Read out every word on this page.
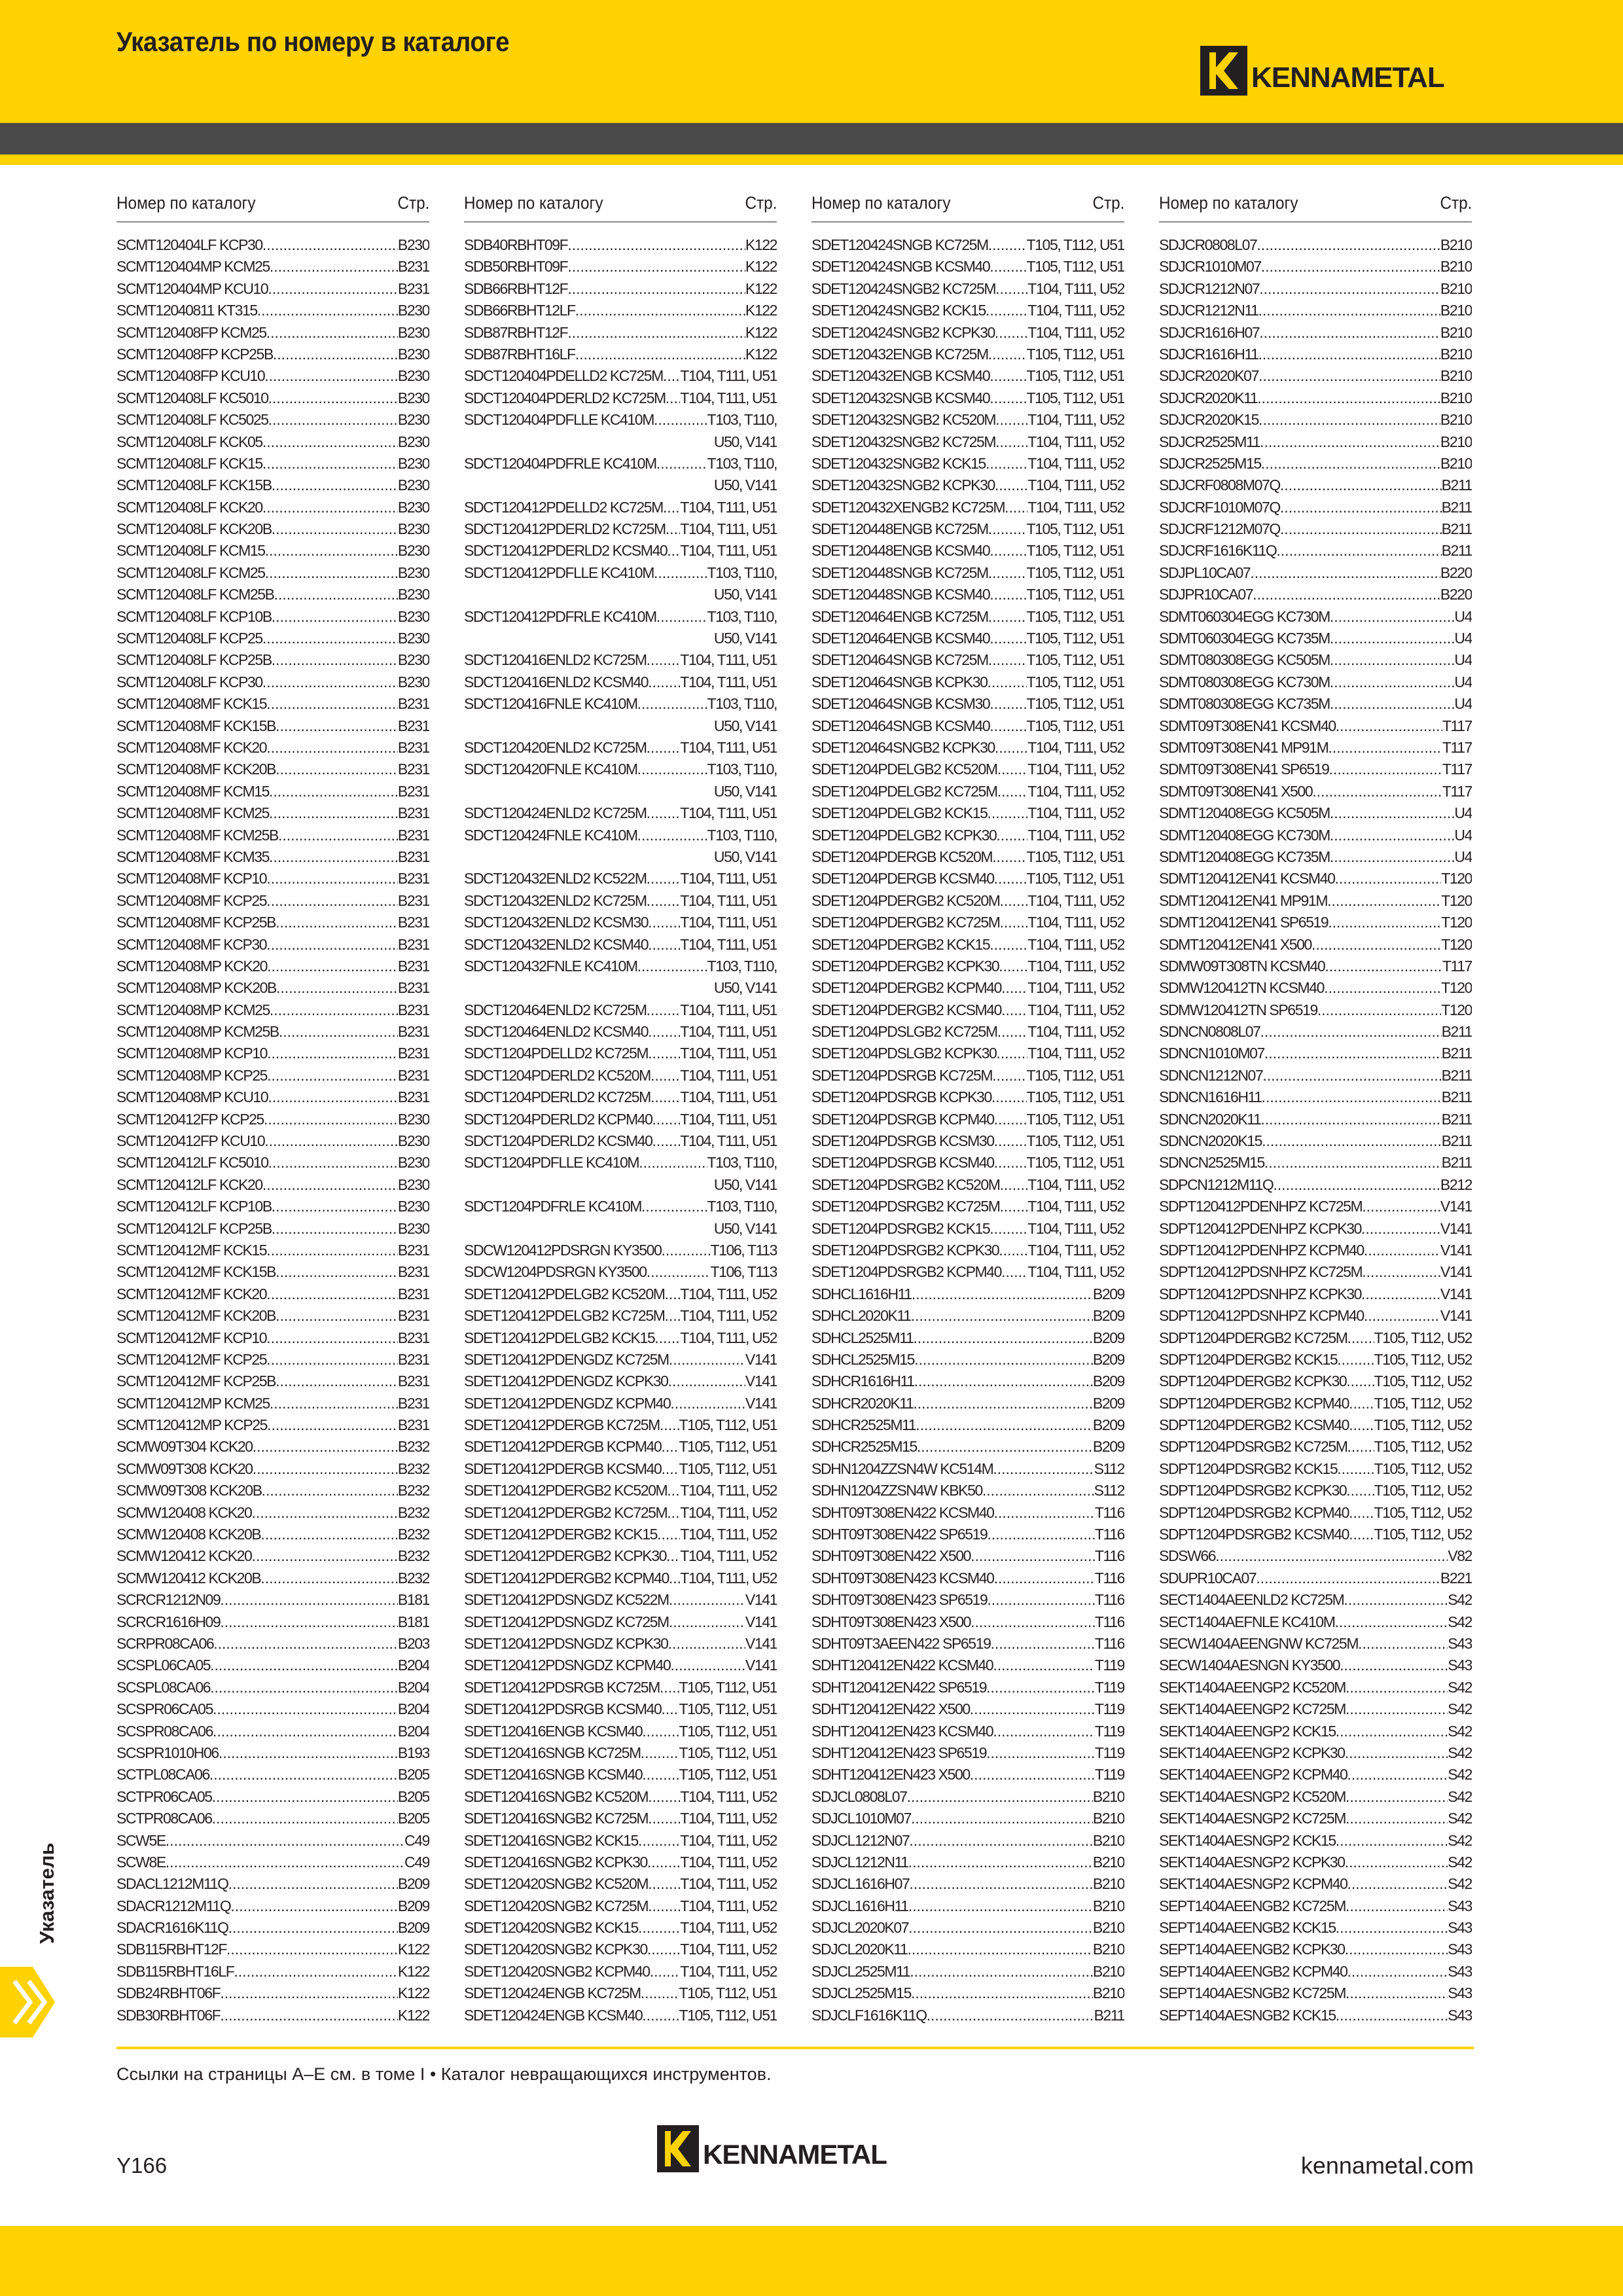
Указатель по номеру в каталоге
KENNAMETAL
Номер по каталогу	Стр.
SCMT120404LF KCP30 .....	B230
SCMT120404MP KCM25 .....	B231
SCMT120404MP KCU10 .....	B231
SCMT12040811 KT315 .....	B230
SCMT120408FP KCM25 .....	B230
SCMT120408FP KCP25B .....	B230
SCMT120408FP KCU10 .....	B230
SCMT120408LF KC5010 .....	B230
SCMT120408LF KC5025 .....	B230
SCMT120408LF KCK05 .....	B230
SCMT120408LF KCK15 .....	B230
SCMT120408LF KCK15B .....	B230
SCMT120408LF KCK20 .....	B230
SCMT120408LF KCK20B .....	B230
SCMT120408LF KCM15 .....	B230
SCMT120408LF KCM25 .....	B230
SCMT120408LF KCM25B .....	B230
SCMT120408LF KCP10B .....	B230
SCMT120408LF KCP25 .....	B230
SCMT120408LF KCP25B .....	B230
SCMT120408LF KCP30 .....	B230
SCMT120408MF KCK15 .....	B231
SCMT120408MF KCK15B .....	B231
SCMT120408MF KCK20 .....	B231
SCMT120408MF KCK20B .....	B231
SCMT120408MF KCM15 .....	B231
SCMT120408MF KCM25 .....	B231
SCMT120408MF KCM25B .....	B231
SCMT120408MF KCM35 .....	B231
SCMT120408MF KCP10 .....	B231
SCMT120408MF KCP25 .....	B231
SCMT120408MF KCP25B .....	B231
SCMT120408MF KCP30 .....	B231
SCMT120408MP KCK20 .....	B231
SCMT120408MP KCK20B .....	B231
SCMT120408MP KCM25 .....	B231
SCMT120408MP KCM25B .....	B231
SCMT120408MP KCP10 .....	B231
SCMT120408MP KCP25 .....	B231
SCMT120408MP KCU10 .....	B231
SCMT120412FP KCP25 .....	B230
SCMT120412FP KCU10 .....	B230
SCMT120412LF KC5010 .....	B230
SCMT120412LF KCK20 .....	B230
SCMT120412LF KCP10B .....	B230
SCMT120412LF KCP25B .....	B230
SCMT120412MF KCK15 .....	B231
SCMT120412MF KCK15B .....	B231
SCMT120412MF KCK20 .....	B231
SCMT120412MF KCK20B .....	B231
SCMT120412MF KCP10 .....	B231
SCMT120412MF KCP25 .....	B231
SCMT120412MF KCP25B .....	B231
SCMT120412MP KCM25 .....	B231
SCMT120412MP KCP25 .....	B231
SCMW09T304 KCK20 .....	B232
SCMW09T308 KCK20 .....	B232
SCMW09T308 KCK20B .....	B232
SCMW120408 KCK20 .....	B232
SCMW120408 KCK20B .....	B232
SCMW120412 KCK20 .....	B232
SCMW120412 KCK20B .....	B232
SCRCR1212N09 .....	B181
SCRCR1616H09 .....	B181
SCRPR08CA06 .....	B203
SCSPL06CA05 .....	B204
SCSPL08CA06 .....	B204
SCSPR06CA05 .....	B204
SCSPR08CA06 .....	B204
SCSPR1010H06 .....	B193
SCTPL08CA06 .....	B205
SCTPR06CA05 .....	B205
SCTPR08CA06 .....	B205
SCW5E .....	C49
SCW8E .....	C49
SDACL1212M11Q .....	B209
SDACR1212M11Q .....	B209
SDACR1616K11Q .....	B209
SDB115RBHT12F .....	K122
SDB115RBHT16LF .....	K122
SDB24RBHT06F .....	K122
SDB30RBHT06F .....	K122
Номер по каталогу	Стр.
SDB40RBHT09F .....	K122
SDB50RBHT09F .....	K122
SDB66RBHT12F .....	K122
SDB66RBHT12LF .....	K122
SDB87RBHT12F .....	K122
SDB87RBHT16LF .....	K122
SDCT120404PDELLD2 KC725M ..... T104, T111, U51
SDCT120404PDERLD2 KC725M ..... T104, T111, U51
SDCT120404PDFLLE KC410M .....	T103, T110,
U50, V141
SDCT120404PDFRLE KC410M .....	T103, T110,
U50, V141
SDCT120412PDELLD2 KC725M ..... T104, T111, U51
SDCT120412PDERLD2 KC725M ..... T104, T111, U51
SDCT120412PDERLD2 KCSM40 ..... T104, T111, U51
SDCT120412PDFLLE KC410M .....	T103, T110,
U50, V141
SDCT120412PDFRLE KC410M .....	T103, T110,
U50, V141
SDCT120416ENLD2 KC725M ..... T104, T111, U51
SDCT120416ENLD2 KCSM40 ..... T104, T111, U51
SDCT120416FNLE KC410M .....	T103, T110,
U50, V141
SDCT120420ENLD2 KC725M ..... T104, T111, U51
SDCT120420FNLE KC410M .....	T103, T110,
U50, V141
SDCT120424ENLD2 KC725M ..... T104, T111, U51
SDCT120424FNLE KC410M .....	T103, T110,
U50, V141
SDCT120432ENLD2 KC522M ..... T104, T111, U51
SDCT120432ENLD2 KC725M ..... T104, T111, U51
SDCT120432ENLD2 KCSM30 ..... T104, T111, U51
SDCT120432ENLD2 KCSM40 ..... T104, T111, U51
SDCT120432FNLE KC410M .....	T103, T110,
U50, V141
SDCT120464ENLD2 KC725M ..... T104, T111, U51
SDCT120464ENLD2 KCSM40 ..... T104, T111, U51
SDCT1204PDELLD2 KC725M ..... T104, T111, U51
SDCT1204PDERLD2 KC520M ..... T104, T111, U51
SDCT1204PDERLD2 KC725M ..... T104, T111, U51
SDCT1204PDERLD2 KCPM40 ..... T104, T111, U51
SDCT1204PDERLD2 KCSM40 ..... T104, T111, U51
SDCT1204PDFLLE KC410M .....	T103, T110,
U50, V141
SDCT1204PDFRLE KC410M .....	T103, T110,
U50, V141
SDCW120412PDSRGN KY3500 .....	T106, T113
SDCW1204PDSRGN KY3500 .....	T106, T113
SDET120412PDELGB2 KC520M ..... T104, T111, U52
SDET120412PDELGB2 KC725M ..... T104, T111, U52
SDET120412PDELGB2 KCK15 ..... T104, T111, U52
SDET120412PDENGDZ KC725M .....	V141
SDET120412PDENGDZ KCPK30 .....	V141
SDET120412PDENGDZ KCPM40 .....	V141
SDET120412PDERGB KC725M ..... T105, T112, U51
SDET120412PDERGB KCPM40 ..... T105, T112, U51
SDET120412PDERGB KCSM40 ..... T105, T112, U51
SDET120412PDERGB2 KC520M ..... T104, T111, U52
SDET120412PDERGB2 KC725M ..... T104, T111, U52
SDET120412PDERGB2 KCK15 ..... T104, T111, U52
SDET120412PDERGB2 KCPK30 ..... T104, T111, U52
SDET120412PDERGB2 KCPM40 ..... T104, T111, U52
SDET120412PDSNGDZ KC522M .....	V141
SDET120412PDSNGDZ KC725M .....	V141
SDET120412PDSNGDZ KCPK30 .....	V141
SDET120412PDSNGDZ KCPM40 .....	V141
SDET120412PDSRGB KC725M ..... T105, T112, U51
SDET120412PDSRGB KCSM40 ..... T105, T112, U51
SDET120416ENGB KCSM40 ..... T105, T112, U51
SDET120416SNGB KC725M .....	T105, T112, U51
SDET120416SNGB KCSM40 ..... T105, T112, U51
SDET120416SNGB2 KC520M ..... T104, T111, U52
SDET120416SNGB2 KC725M ..... T104, T111, U52
SDET120416SNGB2 KCK15 .....	T104, T111, U52
SDET120416SNGB2 KCPK30 ..... T104, T111, U52
SDET120420SNGB2 KC520M ..... T104, T111, U52
SDET120420SNGB2 KC725M ..... T104, T111, U52
SDET120420SNGB2 KCK15 .....	T104, T111, U52
SDET120420SNGB2 KCPK30 ..... T104, T111, U52
SDET120420SNGB2 KCPM40 ..... T104, T111, U52
SDET120424ENGB KC725M .....	T105, T112, U51
SDET120424ENGB KCSM40 ..... T105, T112, U51
Номер по каталогу	Стр.
SDET120424SNGB KC725M .....	T105, T112, U51
SDET120424SNGB KCSM40 ..... T105, T112, U51
SDET120424SNGB2 KC725M ..... T104, T111, U52
SDET120424SNGB2 KCK15 .....	T104, T111, U52
SDET120424SNGB2 KCPK30 ..... T104, T111, U52
SDET120432ENGB KC725M .....	T105, T112, U51
SDET120432ENGB KCSM40 ..... T105, T112, U51
SDET120432SNGB KCSM40 ..... T105, T112, U51
SDET120432SNGB2 KC520M ..... T104, T111, U52
SDET120432SNGB2 KC725M ..... T104, T111, U52
SDET120432SNGB2 KCK15 .....	T104, T111, U52
SDET120432SNGB2 KCPK30 ..... T104, T111, U52
SDET120432XENGB2 KC725M ..... T104, T111, U52
SDET120448ENGB KC725M .....	T105, T112, U51
SDET120448ENGB KCSM40 ..... T105, T112, U51
SDET120448SNGB KC725M .....	T105, T112, U51
SDET120448SNGB KCSM40 ..... T105, T112, U51
SDET120464ENGB KC725M .....	T105, T112, U51
SDET120464ENGB KCSM40 ..... T105, T112, U51
SDET120464SNGB KC725M .....	T105, T112, U51
SDET120464SNGB KCPK30 .....	T105, T112, U51
SDET120464SNGB KCSM30 ..... T105, T112, U51
SDET120464SNGB KCSM40 ..... T105, T112, U51
SDET120464SNGB2 KCPK30 ..... T104, T111, U52
SDET1204PDELGB2 KC520M ..... T104, T111, U52
SDET1204PDELGB2 KC725M ..... T104, T111, U52
SDET1204PDELGB2 KCK15 .....	T104, T111, U52
SDET1204PDELGB2 KCPK30 ..... T104, T111, U52
SDET1204PDERGB KC520M ..... T105, T112, U51
SDET1204PDERGB KCSM40 ..... T105, T112, U51
SDET1204PDERGB2 KC520M ..... T104, T111, U52
SDET1204PDERGB2 KC725M ..... T104, T111, U52
SDET1204PDERGB2 KCK15 .....	T104, T111, U52
SDET1204PDERGB2 KCPK30 ..... T104, T111, U52
SDET1204PDERGB2 KCPM40 ..... T104, T111, U52
SDET1204PDERGB2 KCSM40 ..... T104, T111, U52
SDET1204PDSLGB2 KC725M ..... T104, T111, U52
SDET1204PDSLGB2 KCPK30 ..... T104, T111, U52
SDET1204PDSRGB KC725M ..... T105, T112, U51
SDET1204PDSRGB KCPK30 ..... T105, T112, U51
SDET1204PDSRGB KCPM40 ..... T105, T112, U51
SDET1204PDSRGB KCSM30 ..... T105, T112, U51
SDET1204PDSRGB KCSM40 ..... T105, T112, U51
SDET1204PDSRGB2 KC520M ..... T104, T111, U52
SDET1204PDSRGB2 KC725M ..... T104, T111, U52
SDET1204PDSRGB2 KCK15 .....	T104, T111, U52
SDET1204PDSRGB2 KCPK30 ..... T104, T111, U52
SDET1204PDSRGB2 KCPM40 ..... T104, T111, U52
SDHCL1616H11 .....	B209
SDHCL2020K11 .....	B209
SDHCL2525M11 .....	B209
SDHCL2525M15 .....	B209
SDHCR1616H11 .....	B209
SDHCR2020K11 .....	B209
SDHCR2525M11 .....	B209
SDHCR2525M15 .....	B209
SDHN1204ZZSN4W KC514M .....	S112
SDHN1204ZZSN4W KBK50 .....	S112
SDHT09T308EN422 KCSM40 .....	T116
SDHT09T308EN422 SP6519 .....	T116
SDHT09T308EN422 X500 .....	T116
SDHT09T308EN423 KCSM40 .....	T116
SDHT09T308EN423 SP6519 .....	T116
SDHT09T308EN423 X500 .....	T116
SDHT09T3AEEN422 SP6519 .....	T116
SDHT120412EN422 KCSM40 .....	T119
SDHT120412EN422 SP6519 .....	T119
SDHT120412EN422 X500 .....	T119
SDHT120412EN423 KCSM40 .....	T119
SDHT120412EN423 SP6519 .....	T119
SDHT120412EN423 X500 .....	T119
SDJCL0808L07 .....	B210
SDJCL1010M07 .....	B210
SDJCL1212N07 .....	B210
SDJCL1212N11 .....	B210
SDJCL1616H07 .....	B210
SDJCL1616H11 .....	B210
SDJCL2020K07 .....	B210
SDJCL2020K11 .....	B210
SDJCL2525M11 .....	B210
SDJCL2525M15 .....	B210
SDJCLF1616K11Q .....	B211
Номер по каталогу	Стр.
SDJCR0808L07 .....	B210
SDJCR1010M07 .....	B210
SDJCR1212N07 .....	B210
SDJCR1212N11 .....	B210
SDJCR1616H07 .....	B210
SDJCR1616H11 .....	B210
SDJCR2020K07 .....	B210
SDJCR2020K11 .....	B210
SDJCR2020K15 .....	B210
SDJCR2525M11 .....	B210
SDJCR2525M15 .....	B210
SDJCRF0808M07Q .....	B211
SDJCRF1010M07Q .....	B211
SDJCRF1212M07Q .....	B211
SDJCRF1616K11Q .....	B211
SDJPL10CA07 .....	B220
SDJPR10CA07 .....	B220
SDMT060304EGG KC730M .....	U4
SDMT060304EGG KC735M .....	U4
SDMT080308EGG KC505M .....	U4
SDMT080308EGG KC730M .....	U4
SDMT080308EGG KC735M .....	U4
SDMT09T308EN41 KCSM40 .....	T117
SDMT09T308EN41 MP91M .....	T117
SDMT09T308EN41 SP6519 .....	T117
SDMT09T308EN41 X500 .....	T117
SDMT120408EGG KC505M .....	U4
SDMT120408EGG KC730M .....	U4
SDMT120408EGG KC735M .....	U4
SDMT120412EN41 KCSM40 .....	T120
SDMT120412EN41 MP91M .....	T120
SDMT120412EN41 SP6519 .....	T120
SDMT120412EN41 X500 .....	T120
SDMW09T308TN KCSM40 .....	T117
SDMW120412TN KCSM40 .....	T120
SDMW120412TN SP6519 .....	T120
SDNCN0808L07 .....	B211
SDNCN1010M07 .....	B211
SDNCN1212N07 .....	B211
SDNCN1616H11 .....	B211
SDNCN2020K11 .....	B211
SDNCN2020K15 .....	B211
SDNCN2525M15 .....	B211
SDPCN1212M11Q .....	B212
SDPT120412PDENHPZ KC725M .....	V141
SDPT120412PDENHPZ KCPK30 .....	V141
SDPT120412PDENHPZ KCPM40 .....	V141
SDPT120412PDSNHPZ KC725M .....	V141
SDPT120412PDSNHPZ KCPK30 .....	V141
SDPT120412PDSNHPZ KCPM40 .....	V141
SDPT1204PDERGB2 KC725M ..... T105, T112, U52
SDPT1204PDERGB2 KCK15 ..... T105, T112, U52
SDPT1204PDERGB2 KCPK30 ..... T105, T112, U52
SDPT1204PDERGB2 KCPM40 ..... T105, T112, U52
SDPT1204PDERGB2 KCSM40 ..... T105, T112, U52
SDPT1204PDSRGB2 KC725M ..... T105, T112, U52
SDPT1204PDSRGB2 KCK15 ..... T105, T112, U52
SDPT1204PDSRGB2 KCPK30 ..... T105, T112, U52
SDPT1204PDSRGB2 KCPM40 ..... T105, T112, U52
SDPT1204PDSRGB2 KCSM40 ..... T105, T112, U52
SDSW66 .....	V82
SDUPR10CA07 .....	B221
SECT1404AEENLD2 KC725M .....	S42
SECT1404AEFNLE KC410M .....	S42
SECW1404AEENGNW KC725M .....	S43
SECW1404AESNGN KY3500 .....	S43
SEKT1404AEENGP2 KC520M .....	S42
SEKT1404AEENGP2 KC725M .....	S42
SEKT1404AEENGP2 KCK15 .....	S42
SEKT1404AEENGP2 KCPK30 .....	S42
SEKT1404AEENGP2 KCPM40 .....	S42
SEKT1404AESNGP2 KC520M .....	S42
SEKT1404AESNGP2 KC725M .....	S42
SEKT1404AESNGP2 KCK15 .....	S42
SEKT1404AESNGP2 KCPK30 .....	S42
SEKT1404AESNGP2 KCPM40 .....	S42
SEPT1404AEENGB2 KC725M .....	S43
SEPT1404AEENGB2 KCK15 .....	S43
SEPT1404AEENGB2 KCPK30 .....	S43
SEPT1404AEENGB2 KCPM40 .....	S43
SEPT1404AESNGB2 KC725M .....	S43
SEPT1404AESNGB2 KCK15 .....	S43
Указатель
Ссылки на страницы A–E см. в томе I • Каталог невращающихся инструментов.
Y166	KENNAMETAL	kennametal.com
